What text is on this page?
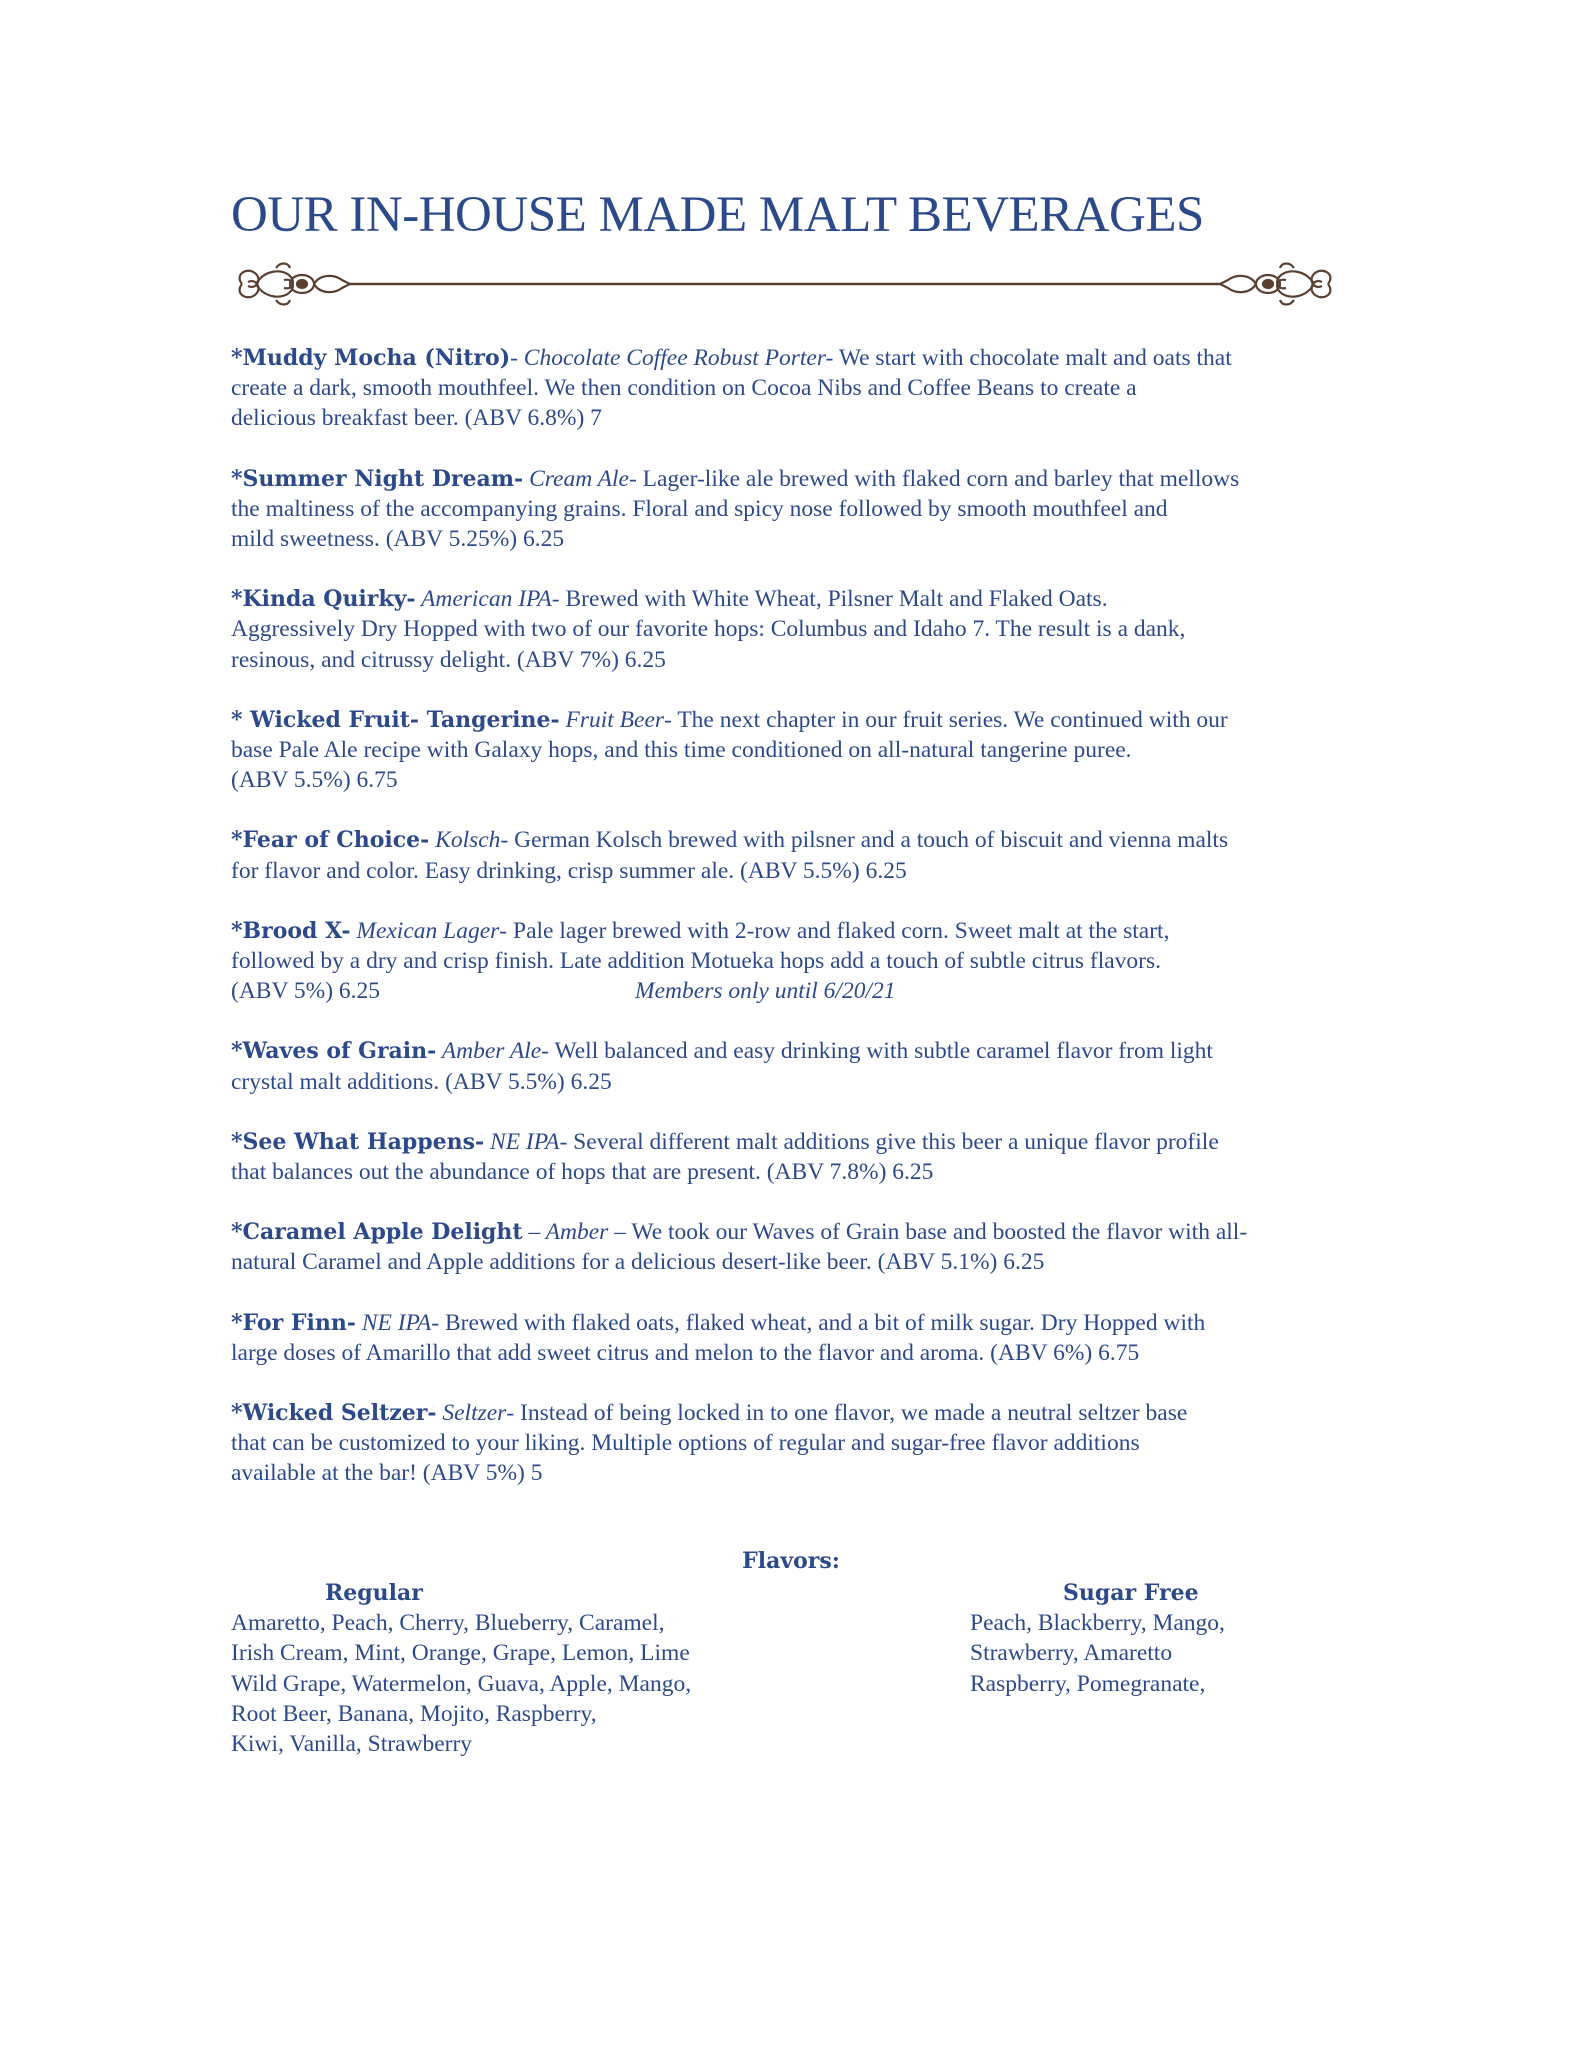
OUR IN-HOUSE MADE MALT BEVERAGES
*Muddy Mocha (Nitro)- Chocolate Coffee Robust Porter- We start with chocolate malt and oats that
create a dark, smooth mouthfeel. We then condition on Cocoa Nibs and Coffee Beans to create a
delicious breakfast beer. (ABV 6.8%) 7
*Summer Night Dream- Cream Ale- Lager-like ale brewed with flaked corn and barley that mellows
the maltiness of the accompanying grains. Floral and spicy nose followed by smooth mouthfeel and
mild sweetness. (ABV 5.25%) 6.25
*Kinda Quirky- American IPA- Brewed with White Wheat, Pilsner Malt and Flaked Oats.
Aggressively Dry Hopped with two of our favorite hops: Columbus and Idaho 7. The result is a dank,
resinous, and citrussy delight. (ABV 7%) 6.25
* Wicked Fruit- Tangerine- Fruit Beer- The next chapter in our fruit series. We continued with our
base Pale Ale recipe with Galaxy hops, and this time conditioned on all-natural tangerine puree.
(ABV 5.5%) 6.75
*Fear of Choice- Kolsch- German Kolsch brewed with pilsner and a touch of biscuit and vienna malts
for flavor and color. Easy drinking, crisp summer ale. (ABV 5.5%) 6.25
*Brood X- Mexican Lager- Pale lager brewed with 2-row and flaked corn. Sweet malt at the start,
followed by a dry and crisp finish. Late addition Motueka hops add a touch of subtle citrus flavors.
(ABV 5%) 6.25	Members only until 6/20/21
*Waves of Grain- Amber Ale- Well balanced and easy drinking with subtle caramel flavor from light
crystal malt additions. (ABV 5.5%) 6.25
*See What Happens- NE IPA- Several different malt additions give this beer a unique flavor profile
that balances out the abundance of hops that are present. (ABV 7.8%) 6.25
*Caramel Apple Delight – Amber – We took our Waves of Grain base and boosted the flavor with all-
natural Caramel and Apple additions for a delicious desert-like beer. (ABV 5.1%) 6.25
*For Finn- NE IPA- Brewed with flaked oats, flaked wheat, and a bit of milk sugar. Dry Hopped with
large doses of Amarillo that add sweet citrus and melon to the flavor and aroma. (ABV 6%) 6.75
*Wicked Seltzer- Seltzer- Instead of being locked in to one flavor, we made a neutral seltzer base
that can be customized to your liking. Multiple options of regular and sugar-free flavor additions
available at the bar! (ABV 5%) 5
Flavors:
Regular
Amaretto, Peach, Cherry, Blueberry, Caramel,
Irish Cream, Mint, Orange, Grape, Lemon, Lime
Wild Grape, Watermelon, Guava, Apple, Mango,
Root Beer, Banana, Mojito, Raspberry,
Kiwi, Vanilla, Strawberry
Sugar Free
Peach, Blackberry, Mango,
Strawberry, Amaretto
Raspberry, Pomegranate,
